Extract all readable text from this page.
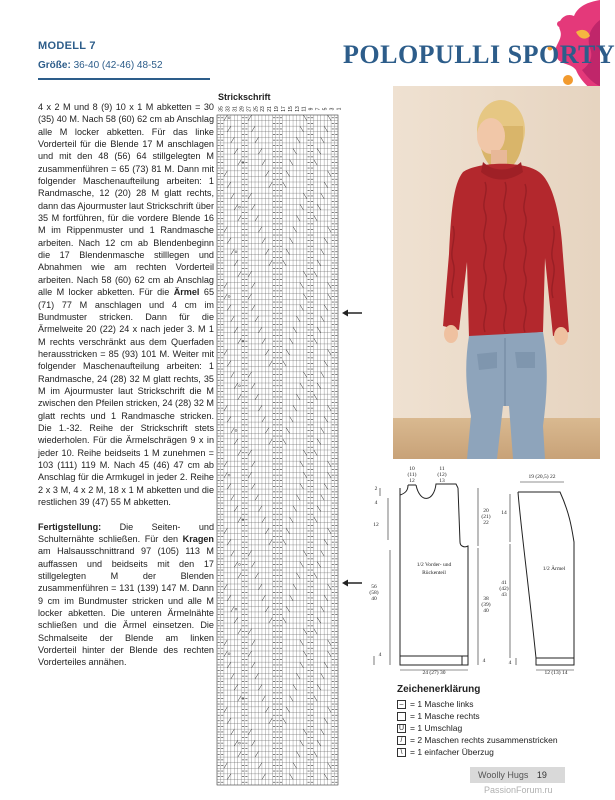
MODELL 7
Größe: 36-40 (42-46) 48-52	POLOPULLI SPORTY

4 x 2 M und 8 (9) 10 x 1 M abketten = 30 (35) 40 M. Nach 58 (60) 62 cm ab Anschlag alle M locker abketten. Für das linke Vorderteil für die Blende 17 M anschlagen und mit den 48 (56) 64 stillgelegten M zusammenführen = 65 (73) 81 M. Dann mit folgender Maschenaufteilung arbeiten: 1 Randmasche, 12 (20) 28 M glatt rechts, dann das Ajourmuster laut Strickschrift über 35 M fortführen, für die vordere Blende 16 M im Rippenmuster und 1 Randmasche arbeiten. Nach 12 cm ab Blendenbeginn die 17 Blendenmasche stilllegen und Abnahmen wie am rechten Vorderteil arbeiten. Nach 58 (60) 62 cm ab Anschlag alle M locker abketten. Für die Ärmel 65 (71) 77 M anschlagen und 4 cm im Bundmuster stricken. Dann für die Ärmelweite 20 (22) 24 x nach jeder 3. M 1 M rechts verschränkt aus dem Querfaden herausstricken = 85 (93) 101 M. Weiter mit folgender Maschenaufteilung arbeiten: 1 Randmasche, 24 (28) 32 M glatt rechts, 35 M im Ajourmuster laut Strickschrift die M zwischen den Pfeilen stricken, 24 (28) 32 M glatt rechts und 1 Randmasche stricken. Die 1.-32. Reihe der Strickschrift stets wiederholen. Für die Ärmelschrägen 9 x in jeder 10. Reihe beidseits 1 M zunehmen = 103 (111) 119 M. Nach 45 (46) 47 cm ab Anschlag für die Armkugel in jeder 2. Reihe 2 x 3 M, 4 x 2 M, 18 x 1 M abketten und die restlichen 39 (47) 55 M abketten.

Fertigstellung: Die Seiten- und Schulternähte schließen. Für den Kragen am Halsausschnittrand 97 (105) 113 M auffassen und beidseits mit den 17 stillgelegten M der Blenden zusammenführen = 131 (139) 147 M. Dann 9 cm im Bundmuster stricken und alle M locker abketten. Die unteren Ärmelnähte schließen und die Ärmel einsetzen. Die Schmalseite der Blende am linken Vorderteil hinter der Blende des rechten Vorderteiles annähen.

Strickschrift
35 33 31 29 27 25 23 21 19 17 15 13 11 9 7 5 3 1
10
(11)
12
11
(12)
13
2
4
12
20
(21)
22
38
(39)
40
56
(58)
40
4
4
24 (27) 30
1/2 Vorder- und
Rückenteil
19 (20,5) 22
14
41
(42)
43
4
12 (13) 14
1/2 Ärmel
Zeichenerklärung
– = 1 Masche links
= 1 Masche rechts
U = 1 Umschlag
/ = 2 Maschen rechts zusammenstricken
\ = 1 einfacher Überzug
Woolly Hugs 19
PassionForum.ru
